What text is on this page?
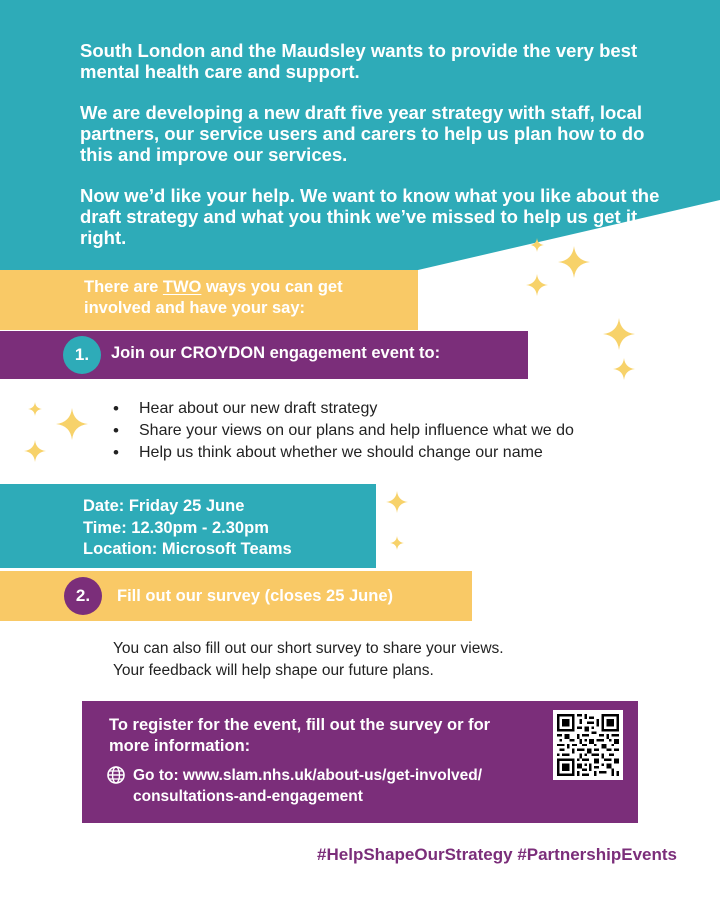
South London and the Maudsley wants to provide the very best mental health care and support.

We are developing a new draft five year strategy with staff, local partners, our service users and carers to help us plan how to do this and improve our services.

Now we’d like your help. We want to know what you like about the draft strategy and what you think we’ve missed to help us get it right.

There are TWO ways you can get involved and have your say:
1.	Join our CROYDON engagement event to:
• Hear about our new draft strategy
• Share your views on our plans and help influence what we do
• Help us think about whether we should change our name
Date: Friday 25 June
Time: 12.30pm - 2.30pm
Location: Microsoft Teams
2.	Fill out our survey (closes 25 June)
You can also fill out our short survey to share your views.
Your feedback will help shape our future plans.
To register for the event, fill out the survey or for more information:
Go to: www.slam.nhs.uk/about-us/get-involved/
consultations-and-engagement
#HelpShapeOurStrategy #PartnershipEvents
